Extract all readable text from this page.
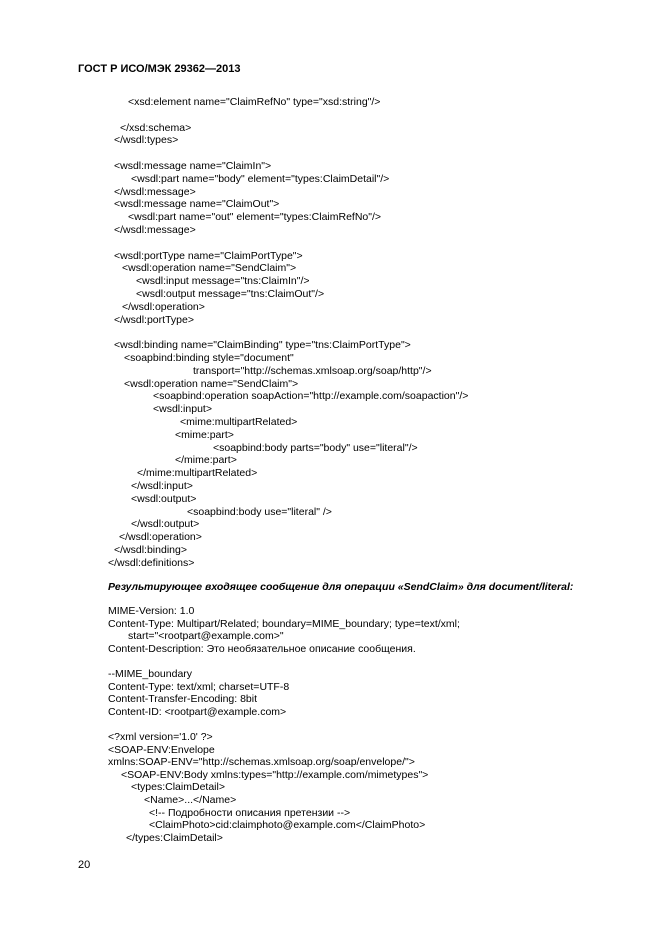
ГОСТ Р ИСО/МЭК 29362—2013
<xsd:element name="ClaimRefNo" type="xsd:string"/>
</xsd:schema>
</wsdl:types>
<wsdl:message name="ClaimIn">
<wsdl:part name="body" element="types:ClaimDetail"/>
</wsdl:message>
<wsdl:message name="ClaimOut">
<wsdl:part name="out" element="types:ClaimRefNo"/>
</wsdl:message>
<wsdl:portType name="ClaimPortType">
<wsdl:operation name="SendClaim">
<wsdl:input message="tns:ClaimIn"/>
<wsdl:output message="tns:ClaimOut"/>
</wsdl:operation>
</wsdl:portType>
<wsdl:binding name="ClaimBinding" type="tns:ClaimPortType">
<soapbind:binding style="document"
transport="http://schemas.xmlsoap.org/soap/http"/>
<wsdl:operation name="SendClaim">
<soapbind:operation soapAction="http://example.com/soapaction"/>
<wsdl:input>
<mime:multipartRelated>
<mime:part>
<soapbind:body parts="body" use="literal"/>
</mime:part>
</mime:multipartRelated>
</wsdl:input>
<wsdl:output>
<soapbind:body use="literal" />
</wsdl:output>
</wsdl:operation>
</wsdl:binding>
</wsdl:definitions>
Результирующее входящее сообщение для операции «SendClaim» для document/literal:
MIME-Version: 1.0
Content-Type: Multipart/Related; boundary=MIME_boundary; type=text/xml;
start="<rootpart@example.com>"
Content-Description: Это необязательное описание сообщения.
--MIME_boundary
Content-Type: text/xml; charset=UTF-8
Content-Transfer-Encoding: 8bit
Content-ID: <rootpart@example.com>
<?xml version='1.0' ?>
<SOAP-ENV:Envelope
xmlns:SOAP-ENV="http://schemas.xmlsoap.org/soap/envelope/">
<SOAP-ENV:Body xmlns:types="http://example.com/mimetypes">
<types:ClaimDetail>
<Name>...</Name>
<!-- Подробности описания претензии -->
<ClaimPhoto>cid:claimphoto@example.com</ClaimPhoto>
</types:ClaimDetail>
20
